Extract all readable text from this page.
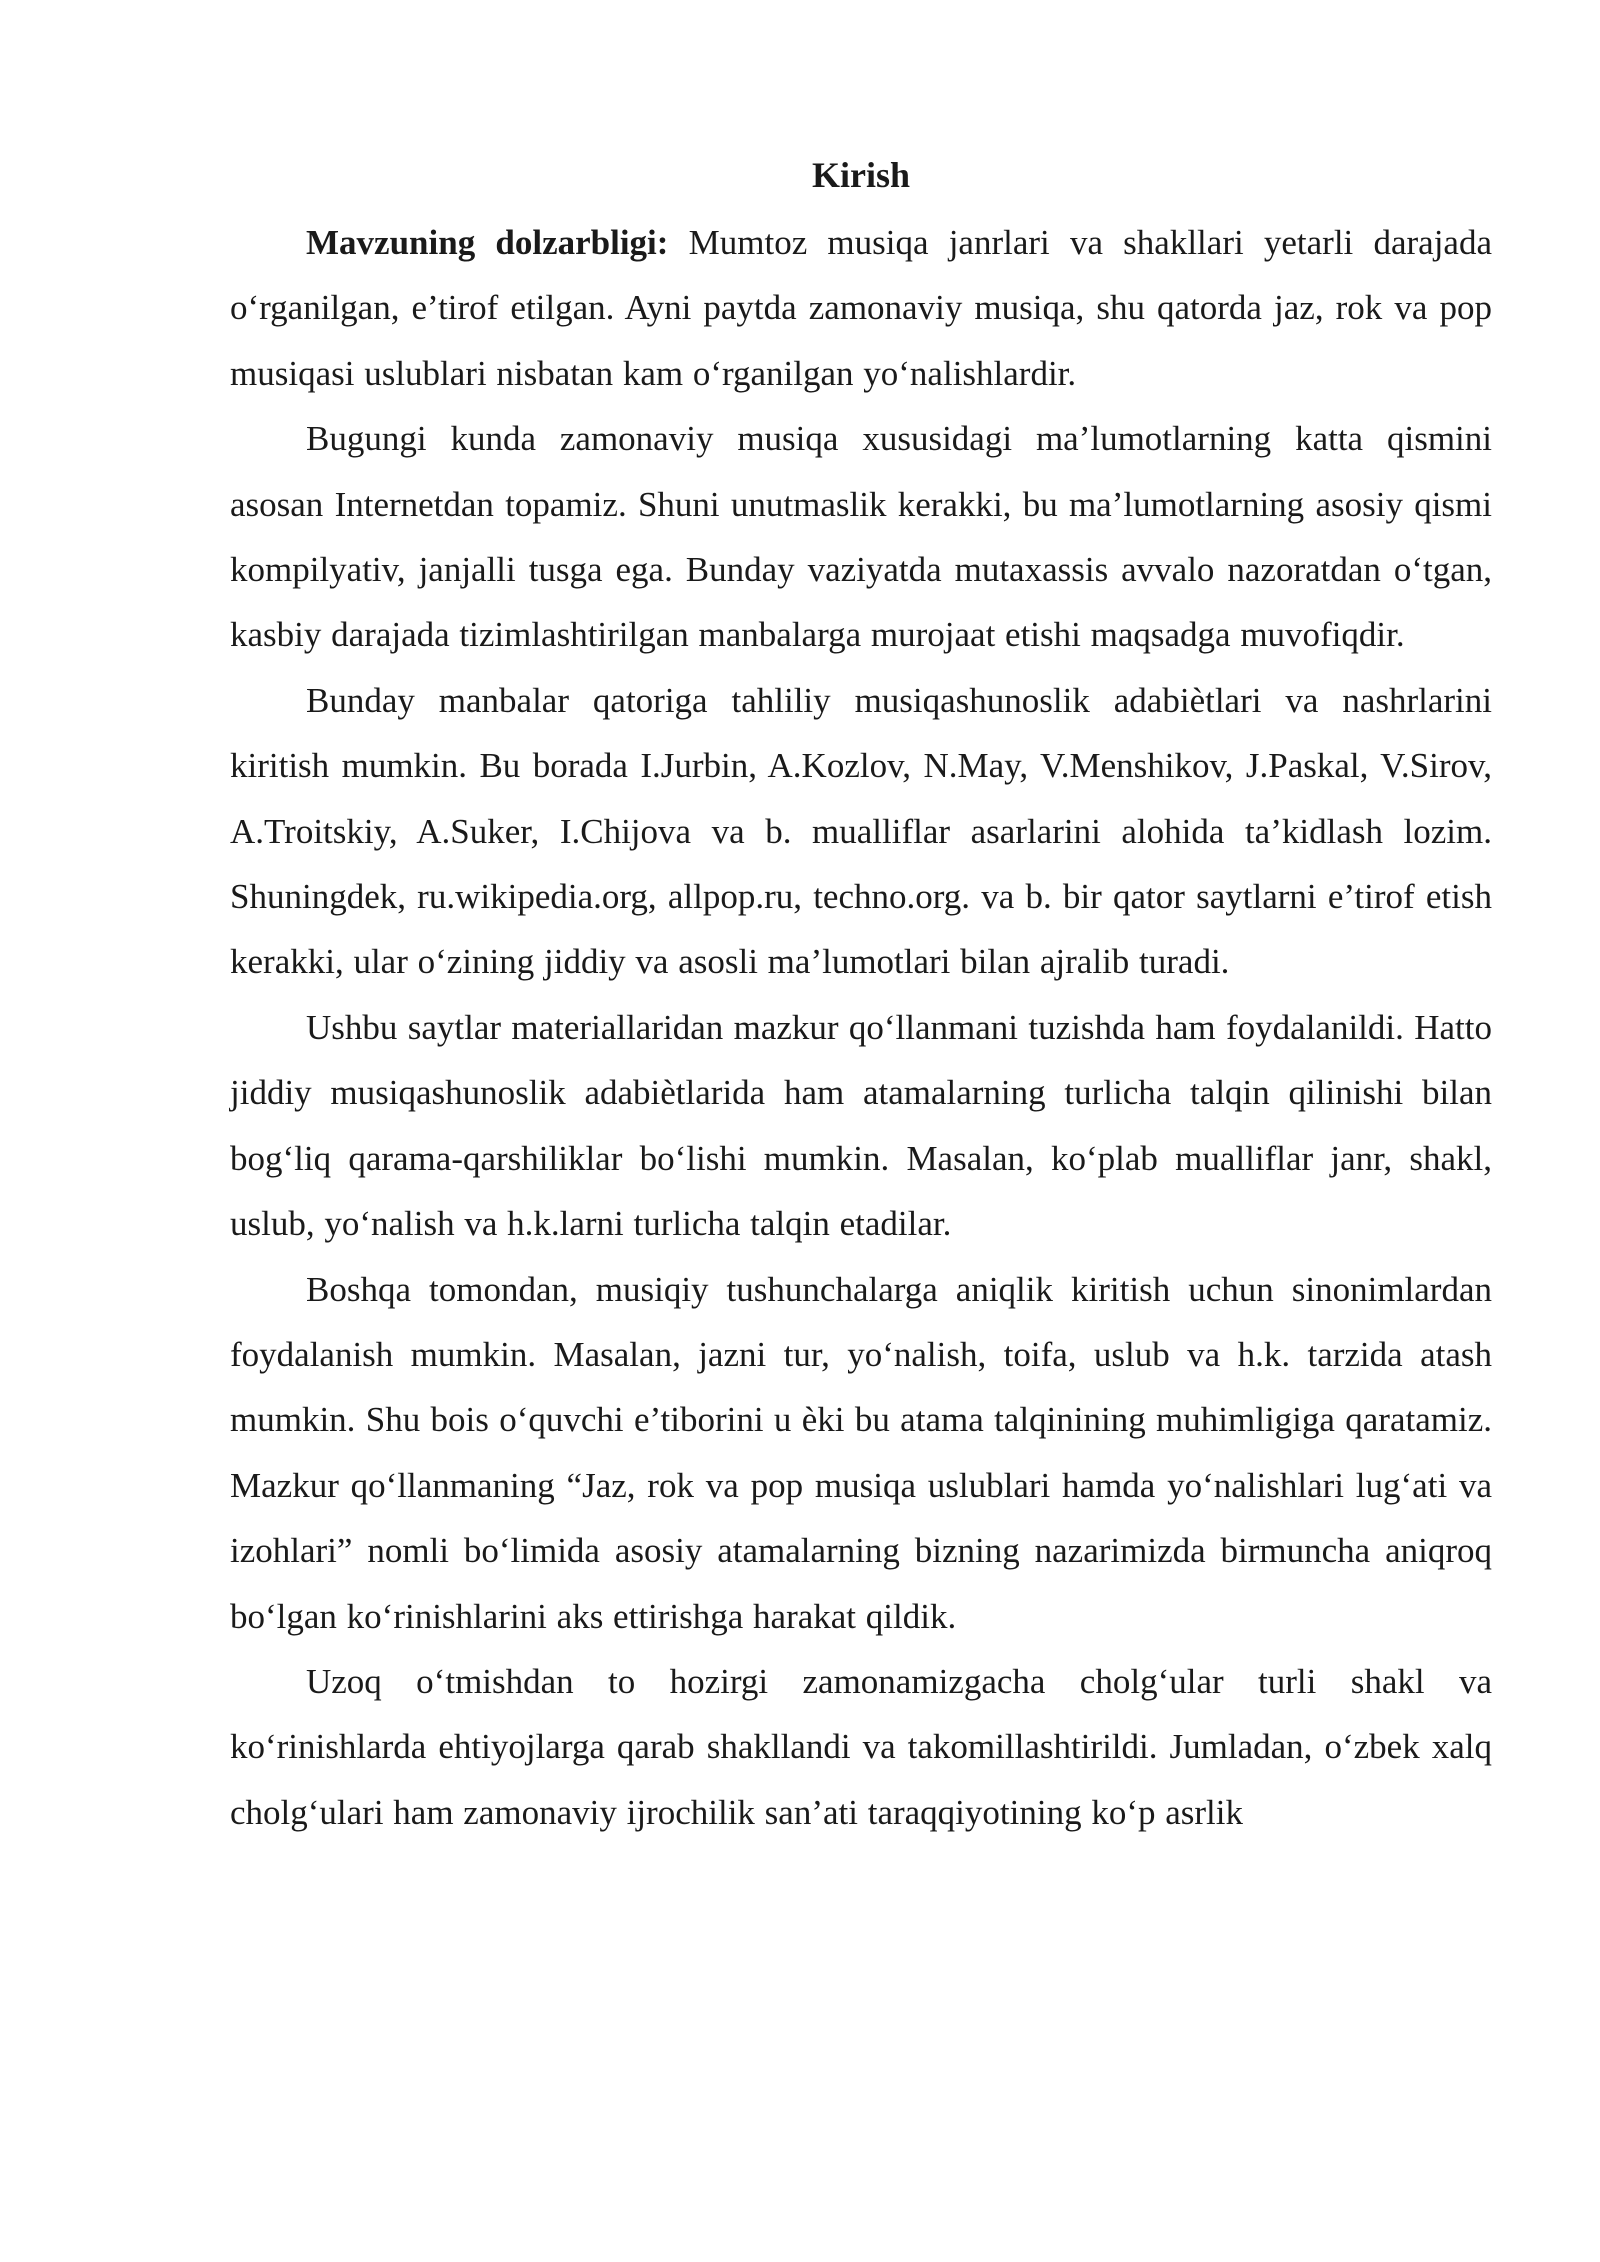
Kirish

Mavzuning dolzarbligi: Mumtoz musiqa janrlari va shakllari yetarli darajada o‘rganilgan, e’tirof etilgan. Ayni paytda zamonaviy musiqa, shu qatorda jaz, rok va pop musiqasi uslublari nisbatan kam o‘rganilgan yo‘nalishlardir.

Bugungi kunda zamonaviy musiqa xususidagi ma’lumotlarning katta qismini asosan Internetdan topamiz. Shuni unutmaslik kerakki, bu ma’lumotlarning asosiy qismi kompilyativ, janjalli tusga ega. Bunday vaziyatda mutaxassis avvalo nazoratdan o‘tgan, kasbiy darajada tizimlashtirilgan manbalarga murojaat etishi maqsadga muvofiqdir.

Bunday manbalar qatoriga tahliliy musiqashunoslik adabiètlari va nashrlarini kiritish mumkin. Bu borada I.Jurbin, A.Kozlov, N.May, V.Menshikov, J.Paskal, V.Sirov, A.Troitskiy, A.Suker, I.Chijova va b. mualliflar asarlarini alohida ta’kidlash lozim. Shuningdek, ru.wikipedia.org, allpop.ru, techno.org. va b. bir qator saytlarni e’tirof etish kerakki, ular o‘zining jiddiy va asosli ma’lumotlari bilan ajralib turadi.

Ushbu saytlar materiallaridan mazkur qo‘llanmani tuzishda ham foydalanildi. Hatto jiddiy musiqashunoslik adabiètlarida ham atamalarning turlicha talqin qilinishi bilan bog‘liq qarama-qarshiliklar bo‘lishi mumkin. Masalan, ko‘plab mualliflar janr, shakl, uslub, yo‘nalish va h.k.larni turlicha talqin etadilar.

Boshqa tomondan, musiqiy tushunchalarga aniqlik kiritish uchun sinonimlardan foydalanish mumkin. Masalan, jazni tur, yo‘nalish, toifa, uslub va h.k. tarzida atash mumkin. Shu bois o‘quvchi e’tiborini u èki bu atama talqinining muhimligiga qaratamiz. Mazkur qo‘llanmaning “Jaz, rok va pop musiqa uslublari hamda yo‘nalishlari lug‘ati va izohlari” nomli bo‘limida asosiy atamalarning bizning nazarimizda birmuncha aniqroq bo‘lgan ko‘rinishlarini aks ettirishga harakat qildik.

Uzoq o‘tmishdan to hozirgi zamonamizgacha cholg‘ular turli shakl va ko‘rinishlarda ehtiyojlarga qarab shakllandi va takomillashtirildi. Jumladan, o‘zbek xalq cholg‘ulari ham zamonaviy ijrochilik san’ati taraqqiyotining ko‘p asrlik
